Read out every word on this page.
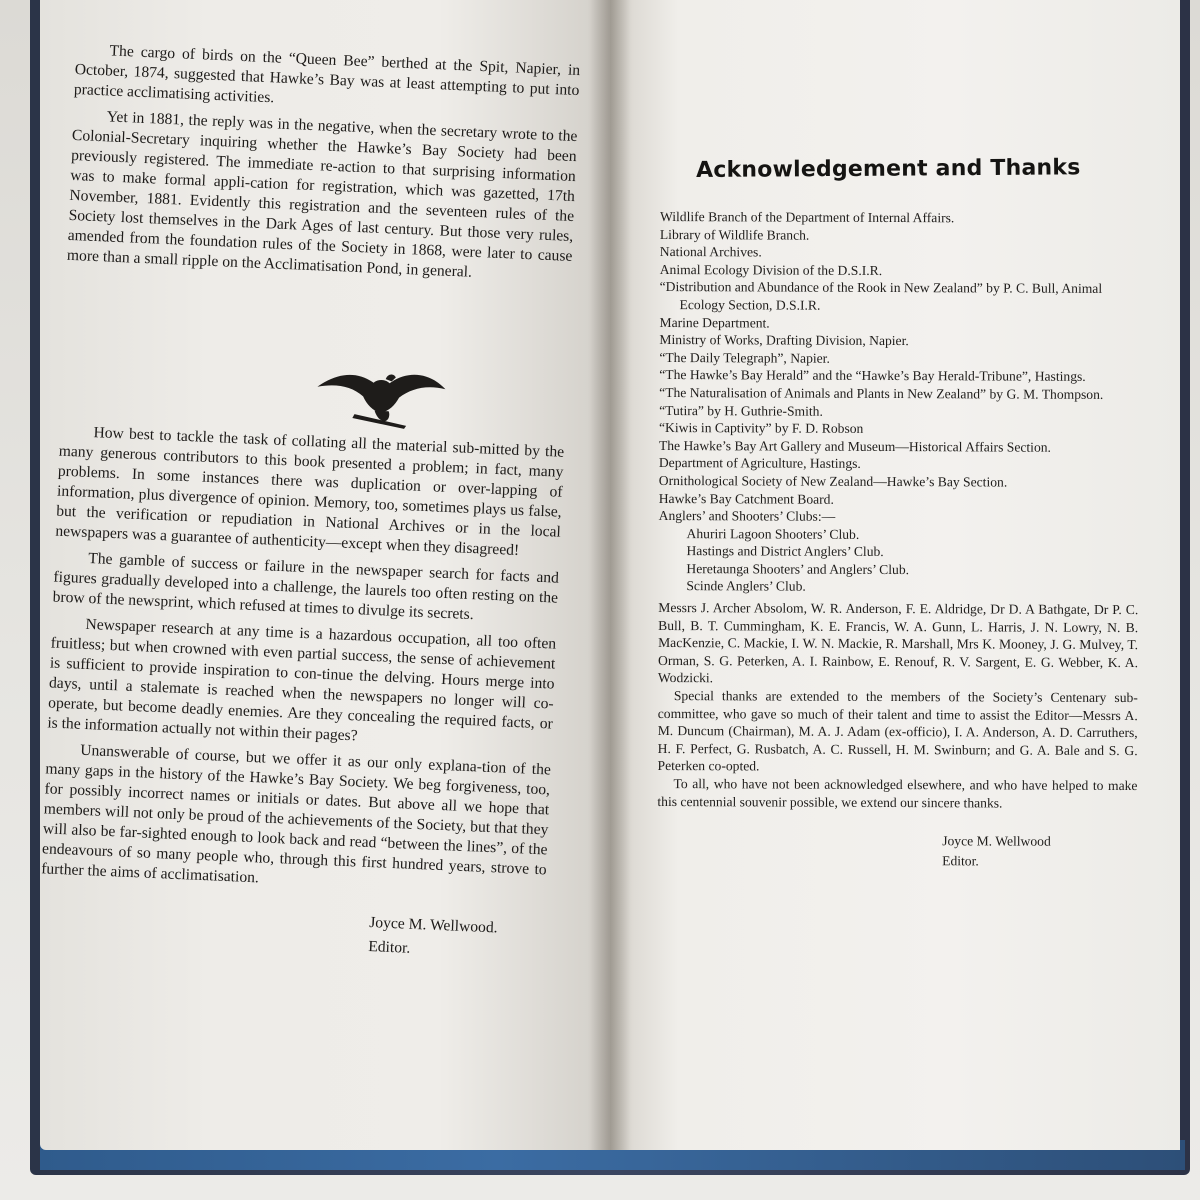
The cargo of birds on the “Queen Bee” berthed at the Spit, Napier, in October, 1874, suggested that Hawke’s Bay was at least attempting to put into practice acclimatising activities.

Yet in 1881, the reply was in the negative, when the secretary wrote to the Colonial-Secretary inquiring whether the Hawke’s Bay Society had been previously registered. The immediate re-action to that surprising information was to make formal appli-cation for registration, which was gazetted, 17th November, 1881. Evidently this registration and the seventeen rules of the Society lost themselves in the Dark Ages of last century. But those very rules, amended from the foundation rules of the Society in 1868, were later to cause more than a small ripple on the Acclimatisation Pond, in general.

How best to tackle the task of collating all the material sub-mitted by the many generous contributors to this book presented a problem; in fact, many problems. In some instances there was duplication or over-lapping of information, plus divergence of opinion. Memory, too, sometimes plays us false, but the verification or repudiation in National Archives or in the local newspapers was a guarantee of authenticity—except when they disagreed!

The gamble of success or failure in the newspaper search for facts and figures gradually developed into a challenge, the laurels too often resting on the brow of the newsprint, which refused at times to divulge its secrets.

Newspaper research at any time is a hazardous occupation, all too often fruitless; but when crowned with even partial success, the sense of achievement is sufficient to provide inspiration to con-tinue the delving. Hours merge into days, until a stalemate is reached when the newspapers no longer will co-operate, but become deadly enemies. Are they concealing the required facts, or is the information actually not within their pages?

Unanswerable of course, but we offer it as our only explana-tion of the many gaps in the history of the Hawke’s Bay Society. We beg forgiveness, too, for possibly incorrect names or initials or dates. But above all we hope that members will not only be proud of the achievements of the Society, but that they will also be far-sighted enough to look back and read “between the lines”, of the endeavours of so many people who, through this first hundred years, strove to further the aims of acclimatisation.

Joyce M. Wellwood.
Editor.
Acknowledgement and Thanks
Wildlife Branch of the Department of Internal Affairs.
Library of Wildlife Branch.
National Archives.
Animal Ecology Division of the D.S.I.R.
“Distribution and Abundance of the Rook in New Zealand” by P. C. Bull, Animal Ecology Section, D.S.I.R.
Marine Department.
Ministry of Works, Drafting Division, Napier.
“The Daily Telegraph”, Napier.
“The Hawke’s Bay Herald” and the “Hawke’s Bay Herald-Tribune”, Hastings.
“The Naturalisation of Animals and Plants in New Zealand” by G. M. Thompson.
“Tutira” by H. Guthrie-Smith.
“Kiwis in Captivity” by F. D. Robson
The Hawke’s Bay Art Gallery and Museum—Historical Affairs Section.
Department of Agriculture, Hastings.
Ornithological Society of New Zealand—Hawke’s Bay Section.
Hawke’s Bay Catchment Board.
Anglers’ and Shooters’ Clubs:—
Ahuriri Lagoon Shooters’ Club.
Hastings and District Anglers’ Club.
Heretaunga Shooters’ and Anglers’ Club.
Scinde Anglers’ Club.
Messrs J. Archer Absolom, W. R. Anderson, F. E. Aldridge, Dr D. A Bathgate, Dr P. C. Bull, B. T. Cummingham, K. E. Francis, W. A. Gunn, L. Harris, J. N. Lowry, N. B. MacKenzie, C. Mackie, I. W. N. Mackie, R. Marshall, Mrs K. Mooney, J. G. Mulvey, T. Orman, S. G. Peterken, A. I. Rainbow, E. Renouf, R. V. Sargent, E. G. Webber, K. A. Wodzicki.
Special thanks are extended to the members of the Society’s Centenary sub-committee, who gave so much of their talent and time to assist the Editor—Messrs A. M. Duncum (Chairman), M. A. J. Adam (ex-officio), I. A. Anderson, A. D. Carruthers, H. F. Perfect, G. Rusbatch, A. C. Russell, H. M. Swinburn; and G. A. Bale and S. G. Peterken co-opted.
To all, who have not been acknowledged elsewhere, and who have helped to make this centennial souvenir possible, we extend our sincere thanks.
Joyce M. Wellwood
Editor.
